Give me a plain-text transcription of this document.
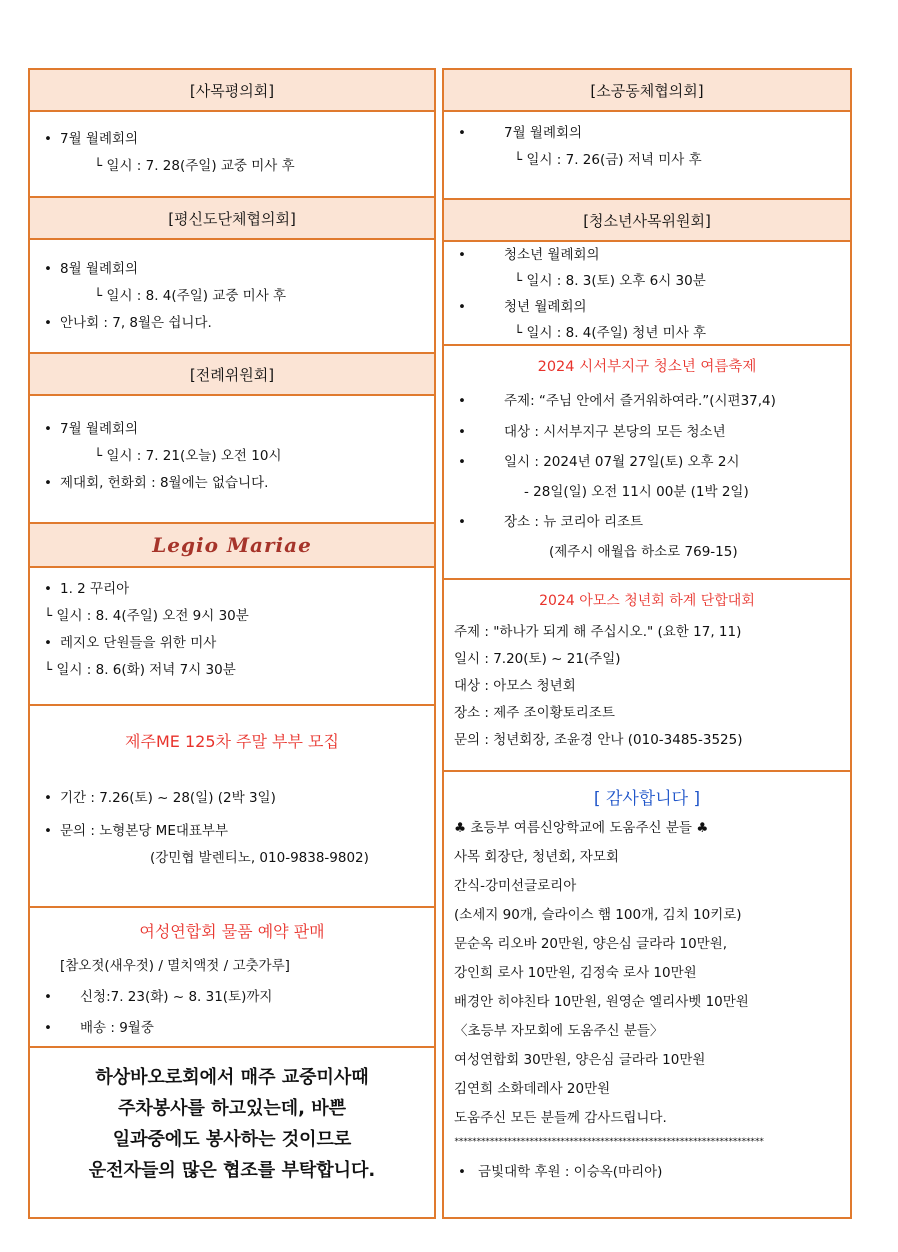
[사목평의회]
• 7월 월례회의
└ 일시 : 7. 28(주일) 교중 미사 후
[평신도단체협의회]
• 8월 월례회의
└ 일시 : 8. 4(주일) 교중 미사 후
• 안나회 : 7, 8월은 쉽니다.
[전례위원회]
• 7월 월례회의
└ 일시 : 7. 21(오늘) 오전 10시
• 제대회, 헌화회 : 8월에는 없습니다.
Legio Mariae
• 1. 2 꾸리아
└ 일시 : 8. 4(주일) 오전 9시 30분
• 레지오 단원들을 위한 미사
└ 일시 : 8. 6(화) 저녁 7시 30분
제주ME 125차 주말 부부 모집
• 기간 : 7.26(토) ~ 28(일) (2박 3일)
• 문의 : 노형본당 ME대표부부
(강민협 발렌티노, 010-9838-9802)
여성연합회 물품 예약 판매
[참오젓(새우젓) / 멸치액젓 / 고춧가루]
• 신청:7. 23(화) ~ 8. 31(토)까지
• 배송 : 9월중
하상바오로회에서 매주 교중미사때
주차봉사를 하고있는데, 바쁜
일과중에도 봉사하는 것이므로
운전자들의 많은 협조를 부탁합니다.
[소공동체협의회]
• 7월 월례회의
└ 일시 : 7. 26(금) 저녁 미사 후
[청소년사목위원회]
• 청소년 월례회의
└ 일시 : 8. 3(토) 오후 6시 30분
• 청년 월례회의
└ 일시 : 8. 4(주일) 청년 미사 후
2024 시서부지구 청소년 여름축제
• 주제: “주님 안에서 즐거워하여라.”(시편37,4)
• 대상 : 시서부지구 본당의 모든 청소년
• 일시 : 2024년 07월 27일(토) 오후 2시
- 28일(일) 오전 11시 00분 (1박 2일)
• 장소 : 뉴 코리아 리조트
(제주시 애월읍 하소로 769-15)
2024 아모스 청년회 하계 단합대회
주제 : "하나가 되게 해 주십시오." (요한 17, 11)
일시 : 7.20(토) ~ 21(주일)
대상 : 아모스 청년회
장소 : 제주 조이황토리조트
문의 : 청년회장, 조윤경 안나 (010-3485-3525)
[ 감사합니다 ]
♣ 초등부 여름신앙학교에 도움주신 분들 ♣
사목 회장단, 청년회, 자모회
간식-강미선글로리아
(소세지 90개, 슬라이스 햄 100개, 김치 10키로)
문순옥 리오바 20만원, 양은심 글라라 10만원,
강인희 로사 10만원, 김정숙 로사 10만원
배경안 히야친타 10만원, 원영순 엘리사벳 10만원
〈초등부 자모회에 도움주신 분들〉
여성연합회 30만원, 양은심 글라라 10만원
김연희 소화데레사 20만원
도움주신 모든 분들께 감사드립니다.
**********************************************************************
• 금빛대학 후원 : 이승옥(마리아)
